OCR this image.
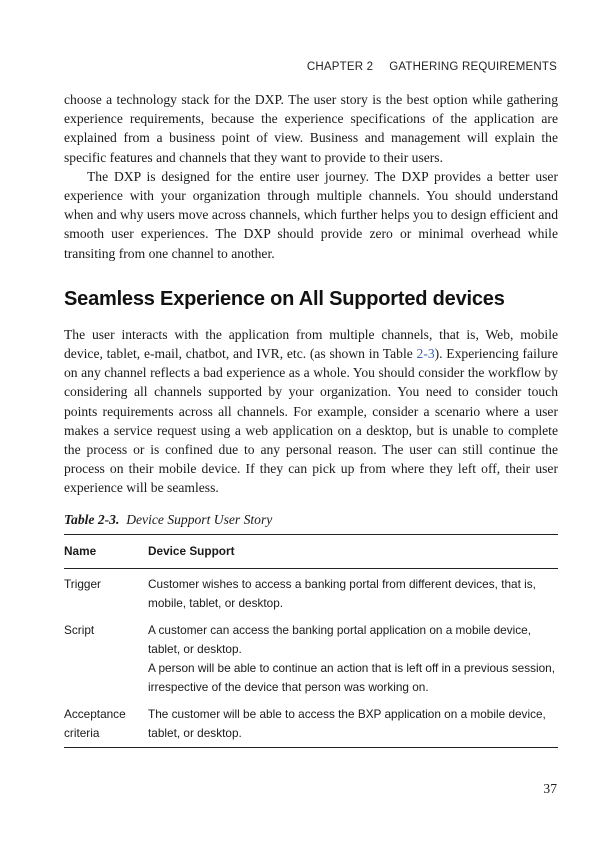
CHAPTER 2 GATHERING REQUIREMENTS

choose a technology stack for the DXP. The user story is the best option while gathering experience requirements, because the experience specifications of the application are explained from a business point of view. Business and management will explain the specific features and channels that they want to provide to their users.

The DXP is designed for the entire user journey. The DXP provides a better user experience with your organization through multiple channels. You should understand when and why users move across channels, which further helps you to design efficient and smooth user experiences. The DXP should provide zero or minimal overhead while transiting from one channel to another.

Seamless Experience on All Supported devices

The user interacts with the application from multiple channels, that is, Web, mobile device, tablet, e-mail, chatbot, and IVR, etc. (as shown in Table 2-3). Experiencing failure on any channel reflects a bad experience as a whole. You should consider the workflow by considering all channels supported by your organization. You need to consider touch points requirements across all channels. For example, consider a scenario where a user makes a service request using a web application on a desktop, but is unable to complete the process or is confined due to any personal reason. The user can still continue the process on their mobile device. If they can pick up from where they left off, their user experience will be seamless.

Table 2-3. Device Support User Story
Name	Device Support
Trigger	Customer wishes to access a banking portal from different devices, that is, mobile, tablet, or desktop.
Script	A customer can access the banking portal application on a mobile device, tablet, or desktop.
A person will be able to continue an action that is left off in a previous session, irrespective of the device that person was working on.

Acceptance criteria	The customer will be able to access the BXP application on a mobile device, tablet, or desktop.
37
